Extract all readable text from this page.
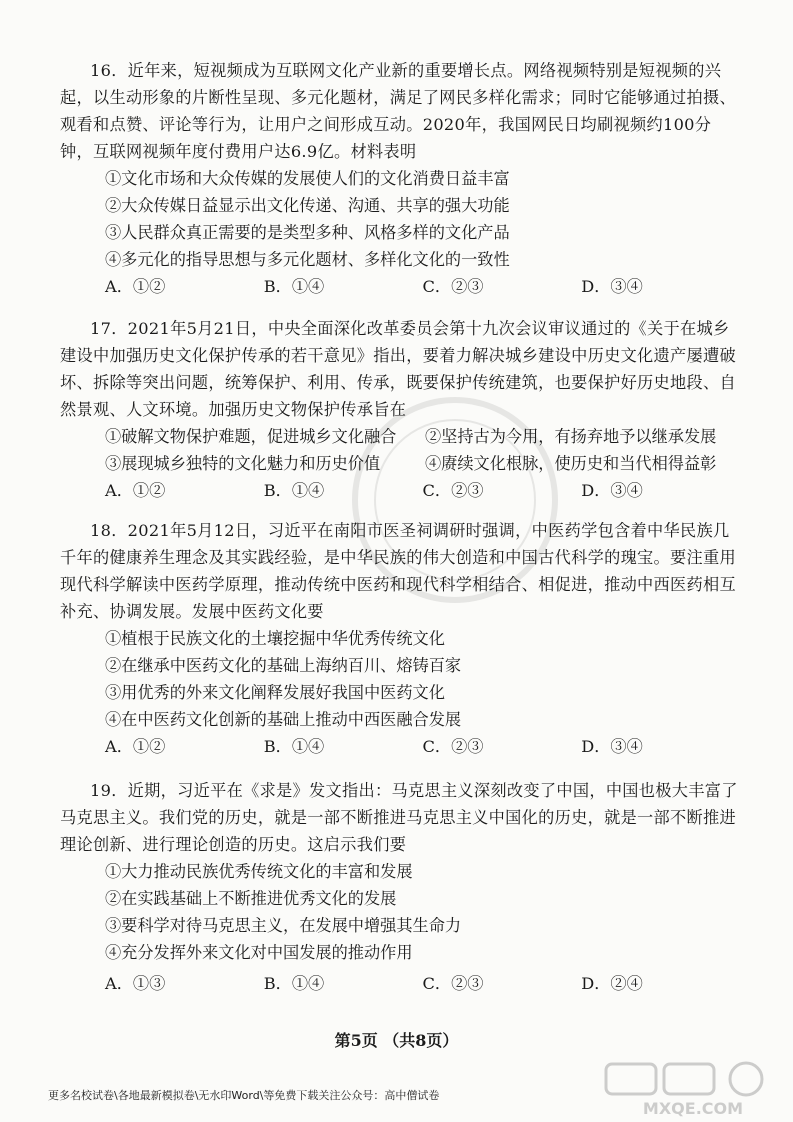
16．近年来，短视频成为互联网文化产业新的重要增长点。网络视频特别是短视频的兴起，以生动形象的片断性呈现、多元化题材，满足了网民多样化需求；同时它能够通过拍摄、观看和点赞、评论等行为，让用户之间形成互动。2020年，我国网民日均刷视频约100分钟，互联网视频年度付费用户达6.9亿。材料表明

①文化市场和大众传媒的发展使人们的文化消费日益丰富

②大众传媒日益显示出文化传递、沟通、共享的强大功能

③人民群众真正需要的是类型多种、风格多样的文化产品

④多元化的指导思想与多元化题材、多样化文化的一致性

A．①②	B．①④	C．②③	D．③④

17．2021年5月21日，中央全面深化改革委员会第十九次会议审议通过的《关于在城乡建设中加强历史文化保护传承的若干意见》指出，要着力解决城乡建设中历史文化遗产屡遭破坏、拆除等突出问题，统筹保护、利用、传承，既要保护传统建筑，也要保护好历史地段、自然景观、人文环境。加强历史文物保护传承旨在

①破解文物保护难题，促进城乡文化融合	②坚持古为今用，有扬弃地予以继承发展
③展现城乡独特的文化魅力和历史价值	④赓续文化根脉，使历史和当代相得益彰
A．①②	B．①④	C．②③	D．③④

18．2021年5月12日，习近平在南阳市医圣祠调研时强调，中医药学包含着中华民族几千年的健康养生理念及其实践经验，是中华民族的伟大创造和中国古代科学的瑰宝。要注重用现代科学解读中医药学原理，推动传统中医药和现代科学相结合、相促进，推动中西医药相互补充、协调发展。发展中医药文化要

①植根于民族文化的土壤挖掘中华优秀传统文化

②在继承中医药文化的基础上海纳百川、熔铸百家

③用优秀的外来文化阐释发展好我国中医药文化

④在中医药文化创新的基础上推动中西医融合发展

A．①②	B．①④	C．②③	D．③④

19．近期，习近平在《求是》发文指出：马克思主义深刻改变了中国，中国也极大丰富了马克思主义。我们党的历史，就是一部不断推进马克思主义中国化的历史，就是一部不断推进理论创新、进行理论创造的历史。这启示我们要

①大力推动民族优秀传统文化的丰富和发展

②在实践基础上不断推进优秀文化的发展

③要科学对待马克思主义，在发展中增强其生命力

④充分发挥外来文化对中国发展的推动作用

A．①③	B．①④	C．②③	D．②④
第5页 （共8页）
更多名校试卷\各地最新模拟卷\无水印Word\等免费下载关注公众号：高中僧试卷
MXQE.COM
